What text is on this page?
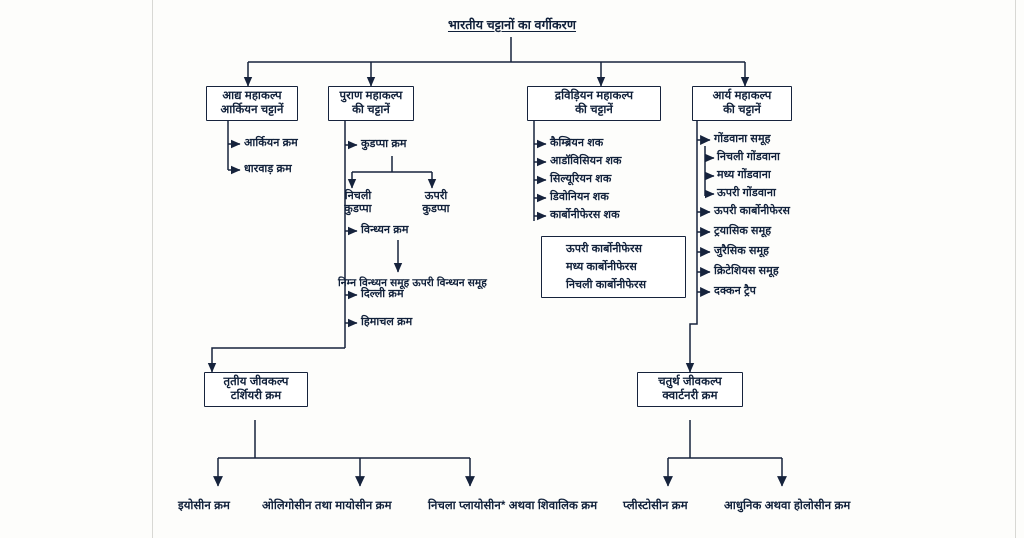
भारतीय चट्टानों का वर्गीकरण
आद्य महाकल्प
आर्कियन चट्टानें
पुराण महाकल्प
की चट्टानें
द्रविड़ियन महाकल्प
की चट्टानें
आर्य महाकल्प
की चट्टानें
आर्कियन क्रम
धारवाड़ क्रम
कुडप्पा क्रम
निचली
कुडप्पा
ऊपरी
कुडप्पा
विन्ध्यन क्रम
निम्न विन्ध्यन समूह ऊपरी विन्ध्यन समूह
दिल्ली क्रम
हिमाचल क्रम
कैम्ब्रियन शक
आडॉविसियन शक
सिल्यूरियन शक
डिवोनियन शक
कार्बोनीफेरस शक
ऊपरी कार्बोनीफेरस
मध्य कार्बोनीफेरस
निचली कार्बोनीफेरस
गोंडवाना समूह
निचली गोंडवाना
मध्य गोंडवाना
ऊपरी गोंडवाना
ऊपरी कार्बोनीफेरस
ट्रयासिक समूह
जुरैसिक समूह
क्रिटेशियस समूह
दक्कन ट्रैप
तृतीय जीवकल्प
टर्शियरी क्रम
चतुर्थ जीवकल्प
क्वार्टनरी क्रम
इयोसीन क्रम	ओलिगोसीन तथा मायोसीन क्रम	निचला प्लायोसीन* अथवा शिवालिक क्रम प्लीस्टोसीन क्रम	आधुनिक अथवा होलोसीन क्रम
